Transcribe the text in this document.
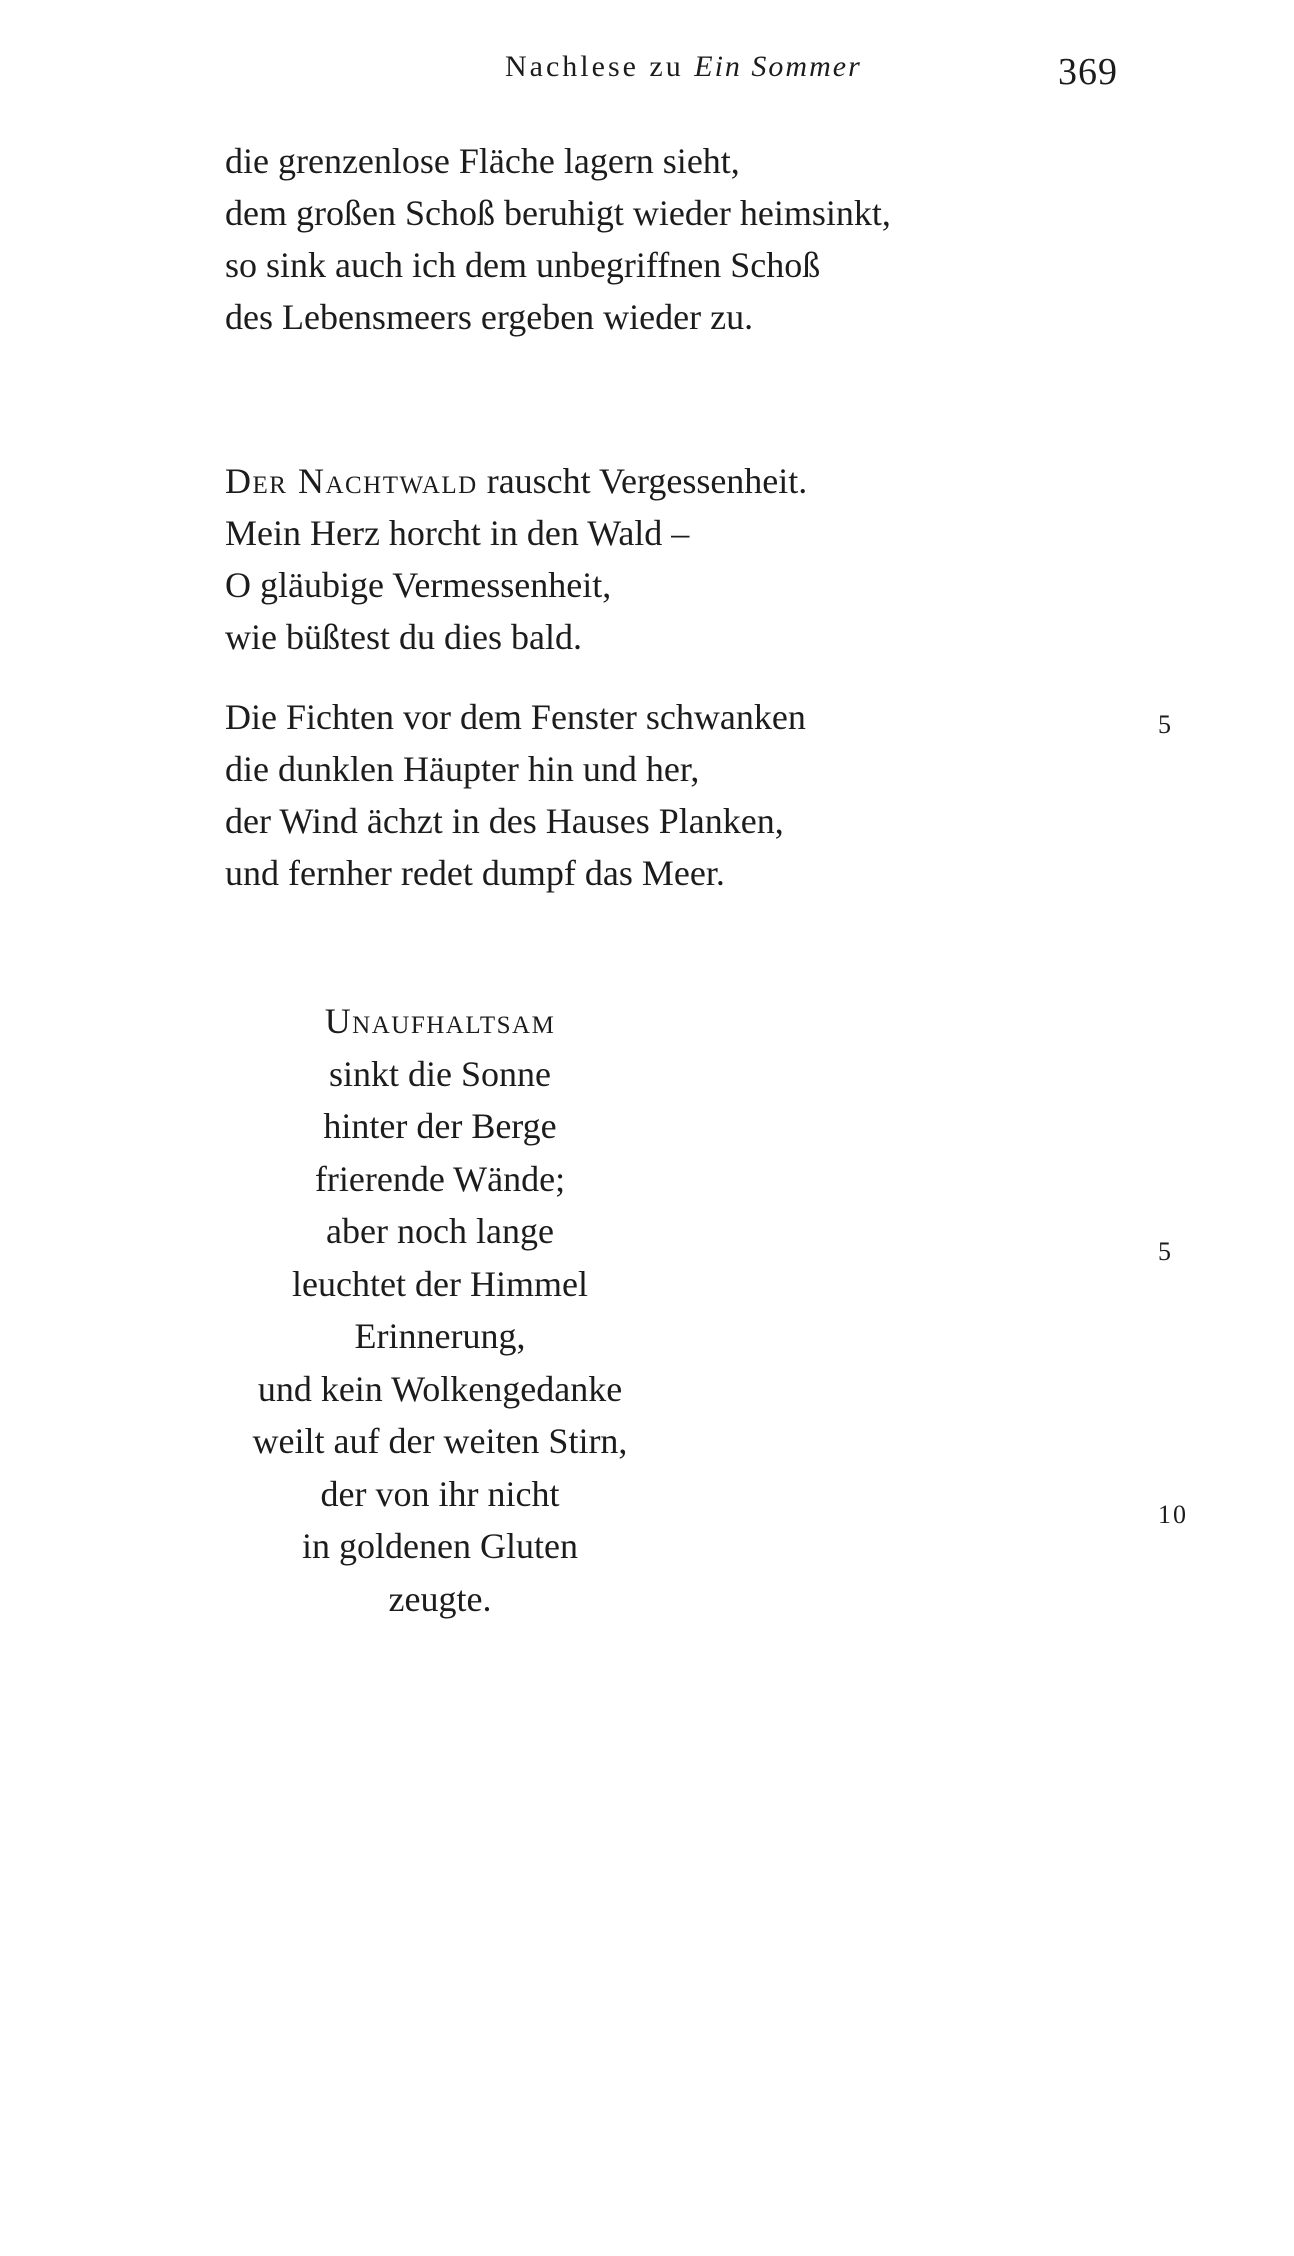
Nachlese zu Ein Sommer	369
die grenzenlose Fläche lagern sieht,
dem großen Schoß beruhigt wieder heimsinkt,
so sink auch ich dem unbegriffnen Schoß
des Lebensmeers ergeben wieder zu.
Der Nachtwald rauscht Vergessenheit.
Mein Herz horcht in den Wald –
O gläubige Vermessenheit,
wie büßtest du dies bald.
Die Fichten vor dem Fenster schwanken
die dunklen Häupter hin und her,
der Wind ächzt in des Hauses Planken,
und fernher redet dumpf das Meer.
5
Unaufhaltsam
sinkt die Sonne
hinter der Berge
frierende Wände;
aber noch lange
leuchtet der Himmel
Erinnerung,
und kein Wolkengedanke
weilt auf der weiten Stirn,
der von ihr nicht
in goldenen Gluten
zeugte.
5
10
